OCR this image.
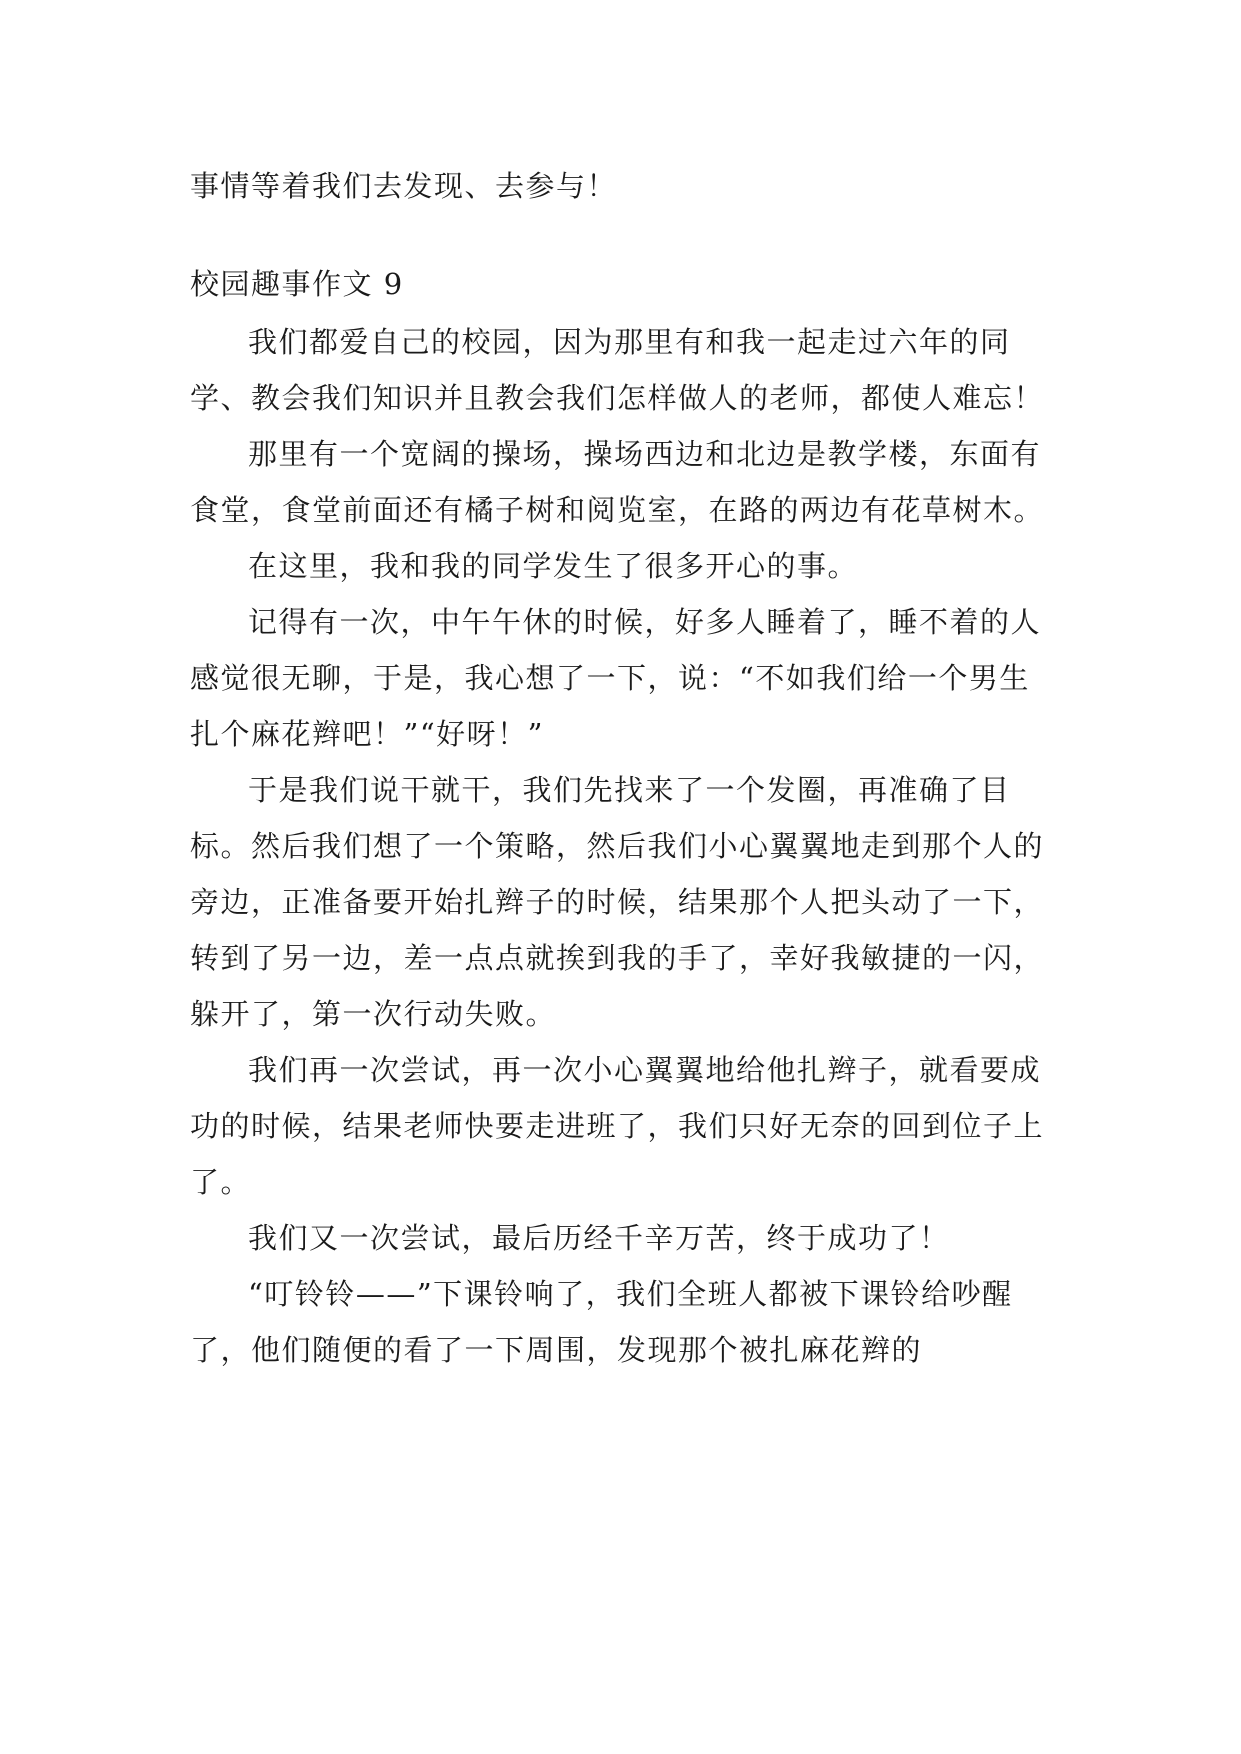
事情等着我们去发现、去参与！

校园趣事作文 9

我们都爱自己的校园，因为那里有和我一起走过六年的同学、教会我们知识并且教会我们怎样做人的老师，都使人难忘！

那里有一个宽阔的操场，操场西边和北边是教学楼，东面有食堂，食堂前面还有橘子树和阅览室，在路的两边有花草树木。

在这里，我和我的同学发生了很多开心的事。

记得有一次，中午午休的时候，好多人睡着了，睡不着的人感觉很无聊，于是，我心想了一下，说：“不如我们给一个男生扎个麻花辫吧！”“好呀！”

于是我们说干就干，我们先找来了一个发圈，再准确了目标。然后我们想了一个策略，然后我们小心翼翼地走到那个人的旁边，正准备要开始扎辫子的时候，结果那个人把头动了一下，转到了另一边，差一点点就挨到我的手了，幸好我敏捷的一闪，躲开了，第一次行动失败。

我们再一次尝试，再一次小心翼翼地给他扎辫子，就看要成功的时候，结果老师快要走进班了，我们只好无奈的回到位子上了。

我们又一次尝试，最后历经千辛万苦，终于成功了！

“叮铃铃——”下课铃响了，我们全班人都被下课铃给吵醒了，他们随便的看了一下周围，发现那个被扎麻花辫的
